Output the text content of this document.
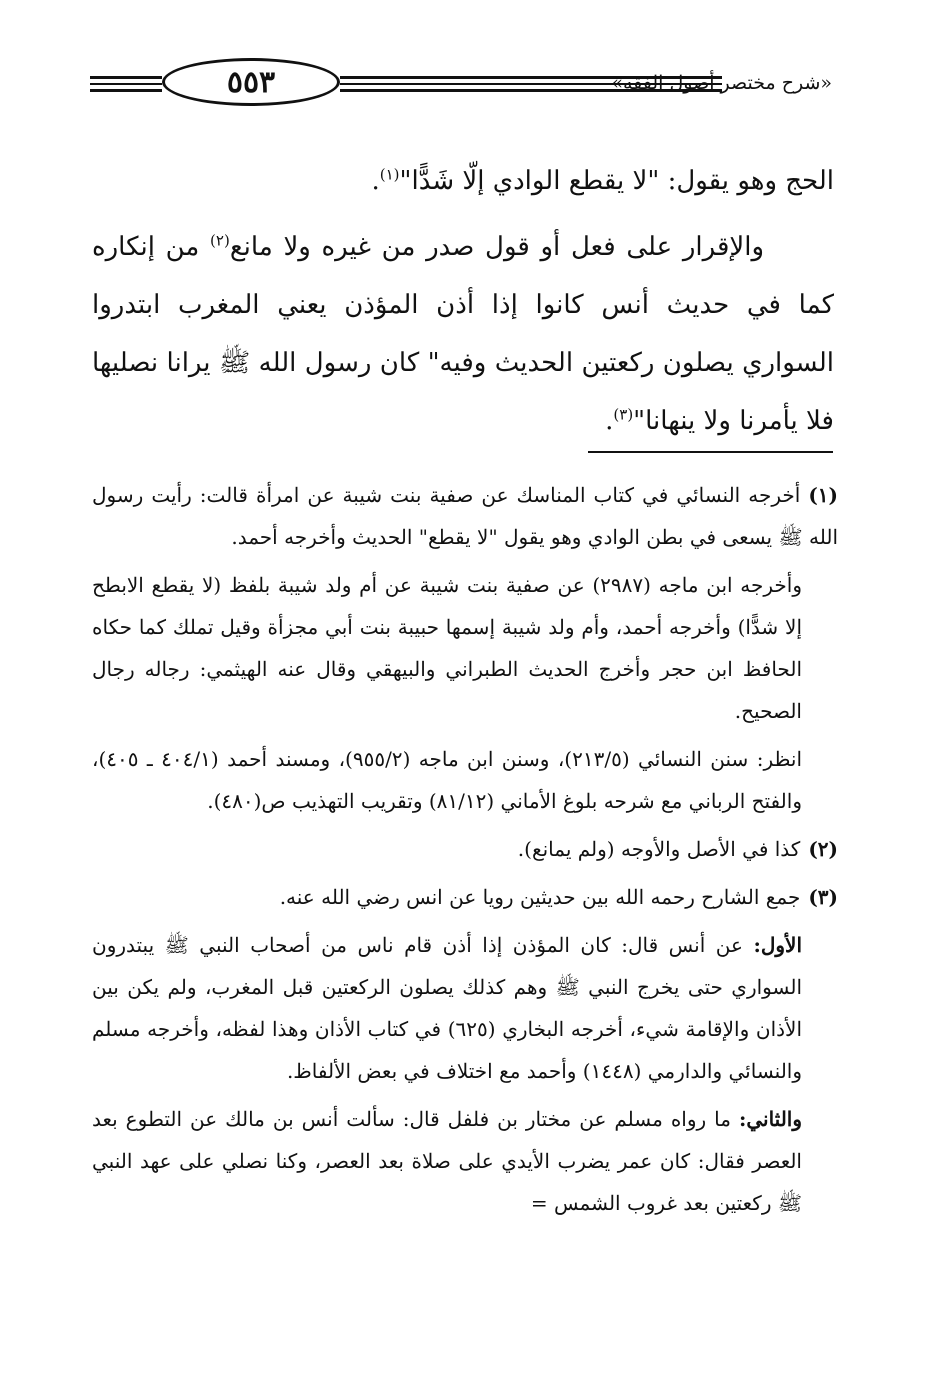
٥٥٣	«شرح مختصر أصول الفقه»

الحج وهو يقول: "لا يقطع الوادي إلّا شَدًّا"$^{(١)}$.

والإقرار على فعل أو قول صدر من غيره ولا مانع$^{(٢)}$ من إنكاره كما في حديث أنس كانوا إذا أذن المؤذن يعني المغرب ابتدروا السواري يصلون ركعتين الحديث وفيه" كان رسول الله ﷺ يرانا نصليها فلا يأمرنا ولا ينهانا"$^{(٣)}$.

(١)أخرجه النسائي في كتاب المناسك عن صفية بنت شيبة عن امرأة قالت: رأيت رسول الله ﷺ يسعى في بطن الوادي وهو يقول "لا يقطع" الحديث وأخرجه أحمد.

وأخرجه ابن ماجه (٢٩٨٧) عن صفية بنت شيبة عن أم ولد شيبة بلفظ (لا يقطع الابطح إلا شدًّا) وأخرجه أحمد، وأم ولد شيبة إسمها حبيبة بنت أبي مجزأة وقيل تملك كما حكاه الحافظ ابن حجر وأخرج الحديث الطبراني والبيهقي وقال عنه الهيثمي: رجاله رجال الصحيح.

انظر: سنن النسائي (٢١٣/٥)، وسنن ابن ماجه (٩٥٥/٢)، ومسند أحمد (٤٠٤/١ ـ ٤٠٥)، والفتح الرباني مع شرحه بلوغ الأماني (٨١/١٢) وتقريب التهذيب ص(٤٨٠).

(٢)كذا في الأصل والأوجه (ولم يمانع).

(٣)جمع الشارح رحمه الله بين حديثين رويا عن انس رضي الله عنه.

الأول: عن أنس قال: كان المؤذن إذا أذن قام ناس من أصحاب النبي ﷺ يبتدرون السواري حتى يخرج النبي ﷺ وهم كذلك يصلون الركعتين قبل المغرب، ولم يكن بين الأذان والإقامة شيء، أخرجه البخاري (٦٢٥) في كتاب الأذان وهذا لفظه، وأخرجه مسلم والنسائي والدارمي (١٤٤٨) وأحمد مع اختلاف في بعض الألفاظ.

والثاني: ما رواه مسلم عن مختار بن فلفل قال: سألت أنس بن مالك عن التطوع بعد العصر فقال: كان عمر يضرب الأيدي على صلاة بعد العصر، وكنا نصلي على عهد النبي ﷺ ركعتين بعد غروب الشمس =
